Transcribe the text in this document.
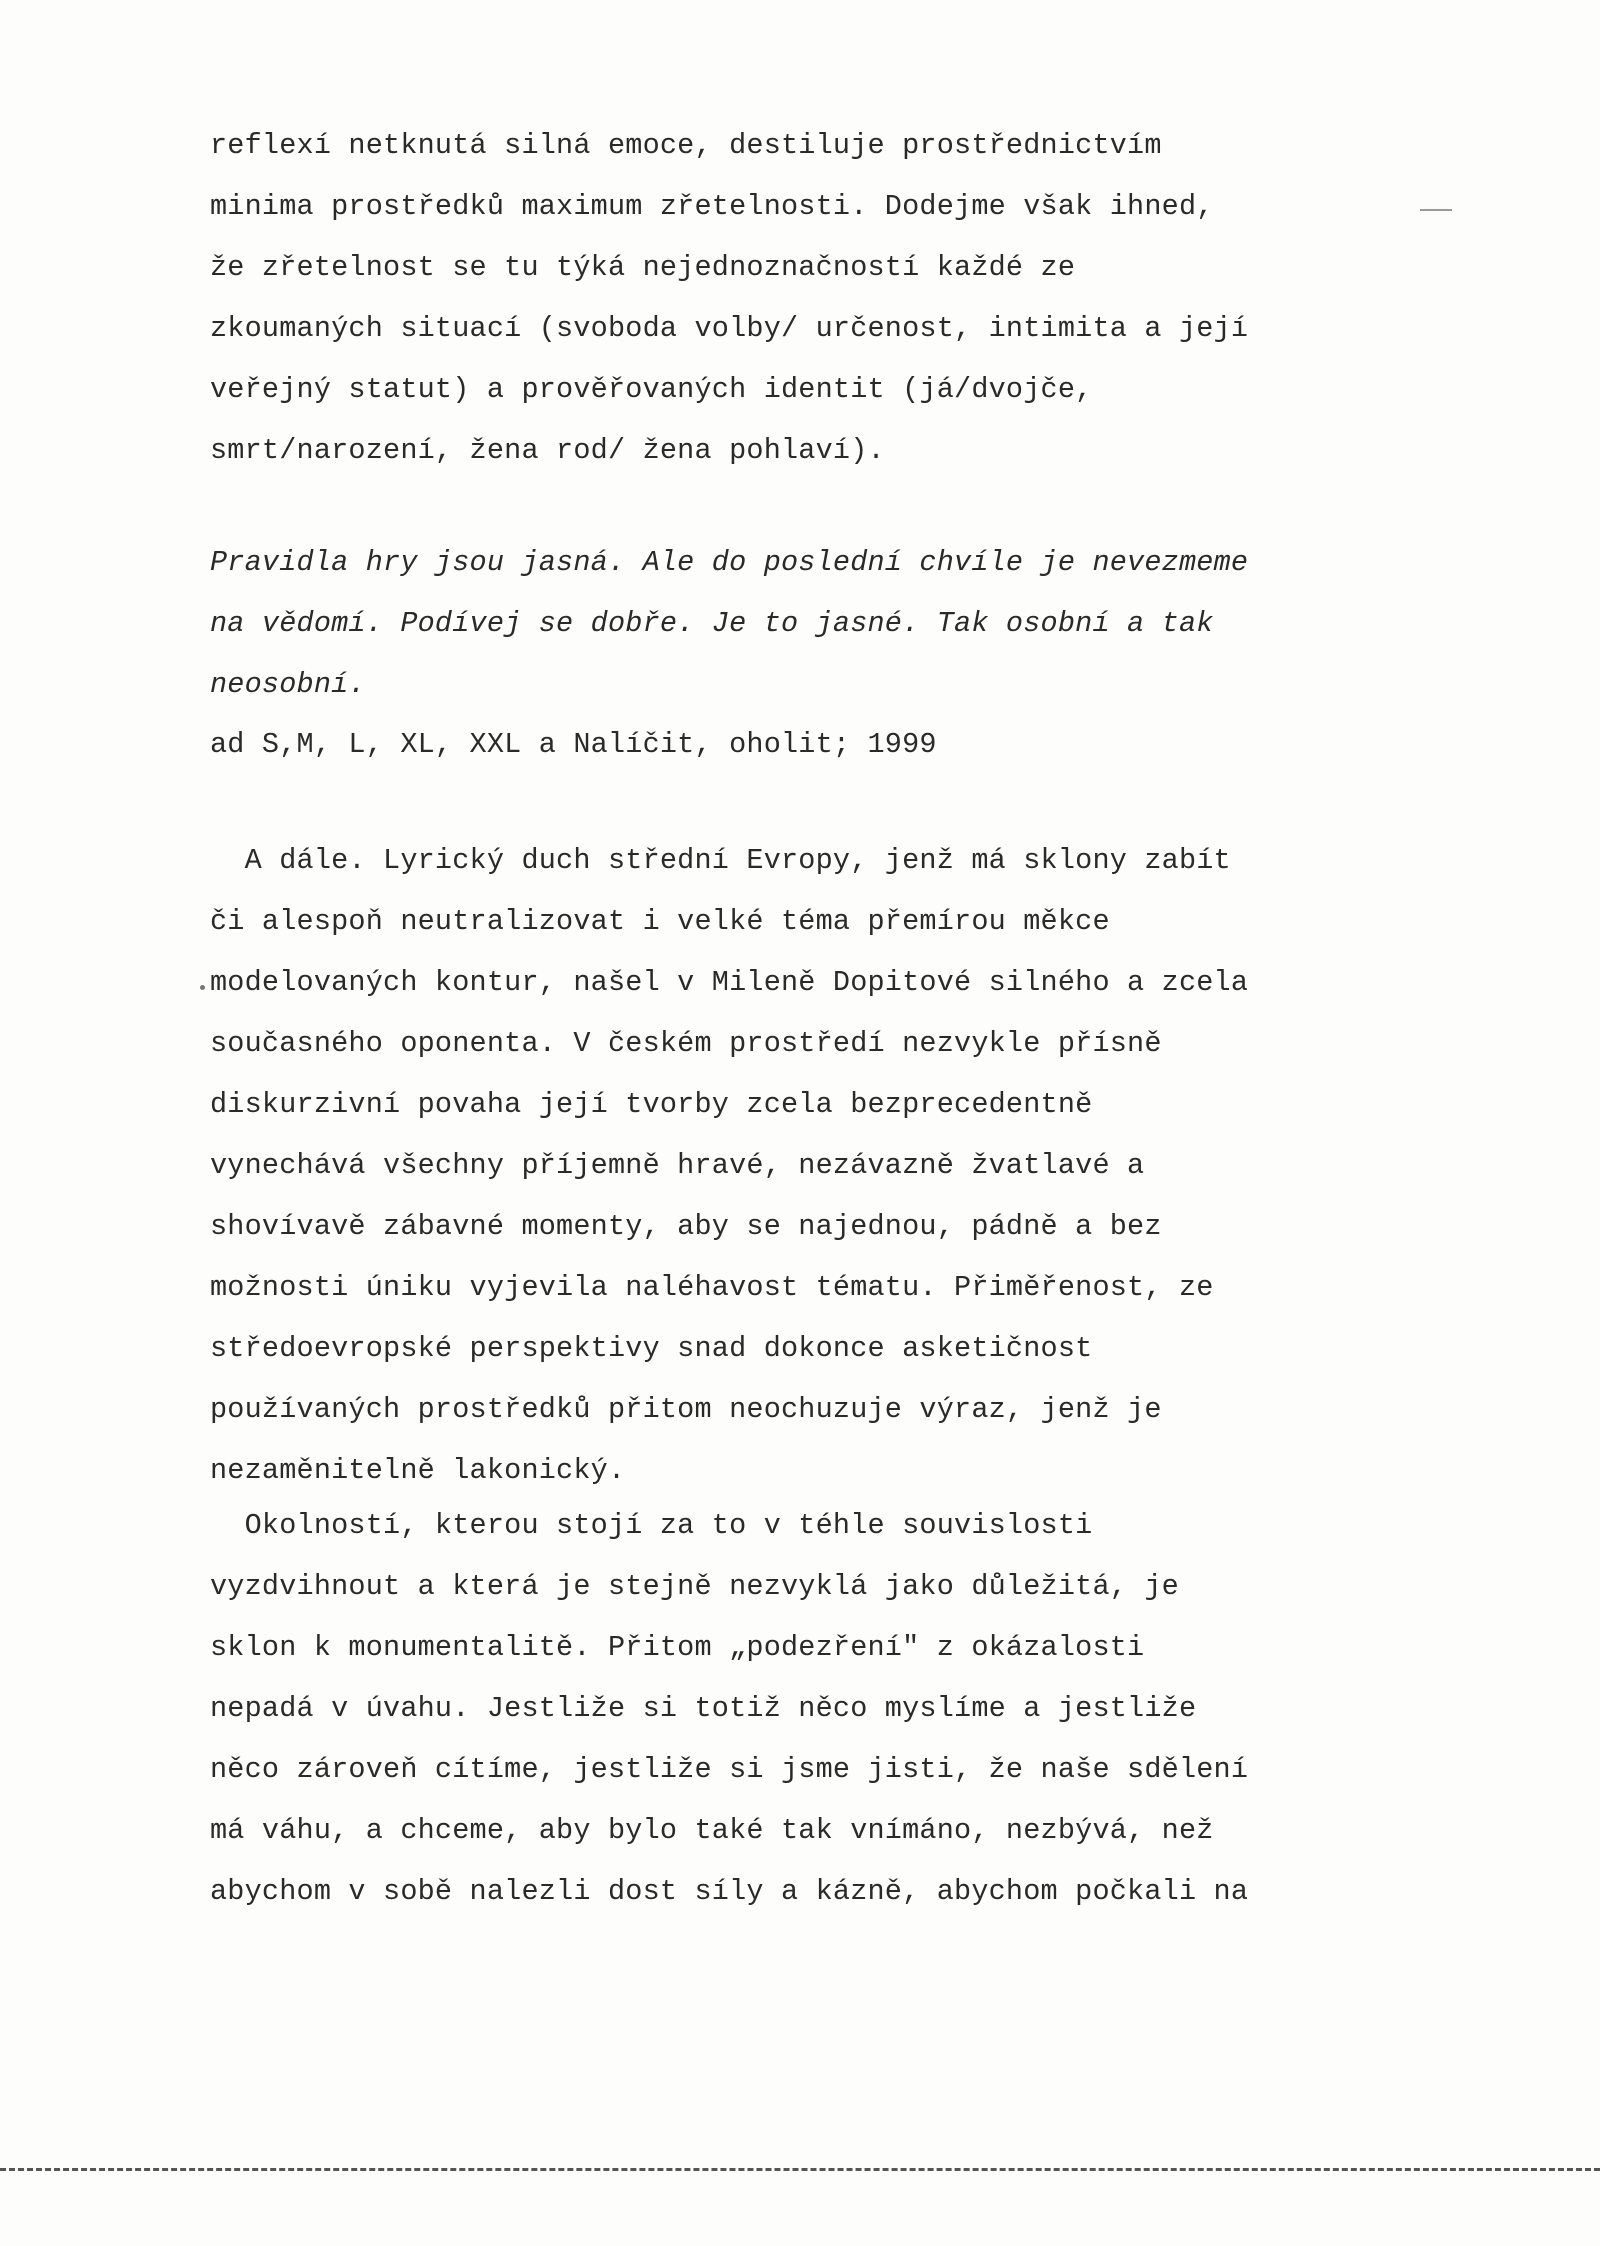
reflexí netknutá silná emoce, destiluje prostřednictvím
minima prostředků maximum zřetelnosti. Dodejme však ihned,
že zřetelnost se tu týká nejednoznačností každé ze
zkoumaných situací (svoboda volby/ určenost, intimita a její
veřejný statut) a prověřovaných identit (já/dvojče,
smrt/narození, žena rod/ žena pohlaví).
Pravidla hry jsou jasná. Ale do poslední chvíle je nevezmeme
na vědomí. Podívej se dobře. Je to jasné. Tak osobní a tak
neosobní.
ad S,M, L, XL, XXL a Nalíčit, oholit; 1999
A dále. Lyrický duch střední Evropy, jenž má sklony zabít
či alespoň neutralizovat i velké téma přemírou měkce
modelovaných kontur, našel v Mileně Dopitové silného a zcela
současného oponenta. V českém prostředí nezvykle přísně
diskurzivní povaha její tvorby zcela bezprecedentně
vynechává všechny příjemně hravé, nezávazně žvatlavé a
shovívavě zábavné momenty, aby se najednou, pádně a bez
možnosti úniku vyjevila naléhavost tématu. Přiměřenost, ze
středoevropské perspektivy snad dokonce asketičnost
používaných prostředků přitom neochuzuje výraz, jenž je
nezaměnitelně lakonický.
Okolností, kterou stojí za to v téhle souvislosti
vyzdvihnout a která je stejně nezvyklá jako důležitá, je
sklon k monumentalitě. Přitom „podezření" z okázalosti
nepadá v úvahu. Jestliže si totiž něco myslíme a jestliže
něco zároveň cítíme, jestliže si jsme jisti, že naše sdělení
má váhu, a chceme, aby bylo také tak vnímáno, nezbývá, než
abychom v sobě nalezli dost síly a kázně, abychom počkali na
